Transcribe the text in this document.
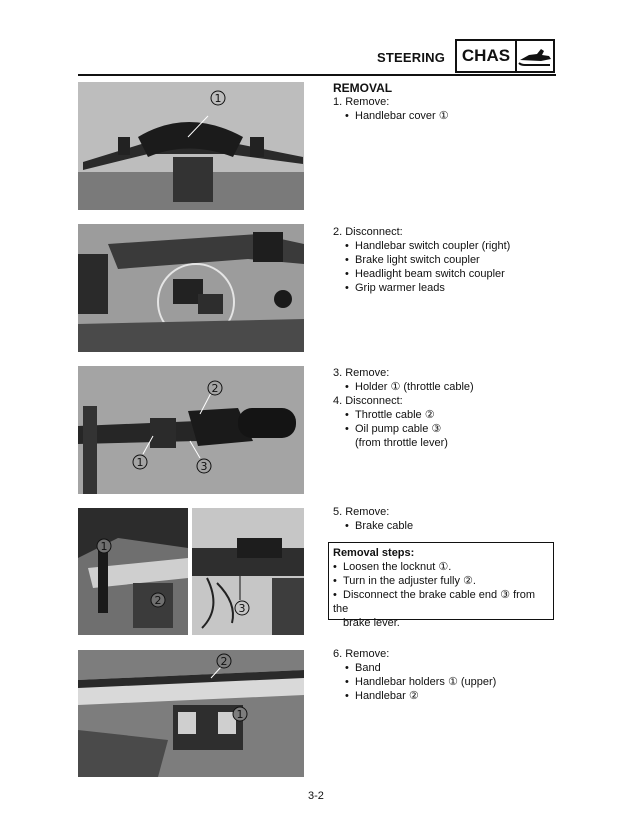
STEERING CHAS
1
2
1	3
1
2
3
2
1
REMOVAL
1. Remove:
• Handlebar cover ①
2. Disconnect:
• Handlebar switch coupler (right)
• Brake light switch coupler
• Headlight beam switch coupler
• Grip warmer leads
3. Remove:
• Holder ① (throttle cable)
4. Disconnect:
• Throttle cable ②
• Oil pump cable ③
(from throttle lever)
5. Remove:
• Brake cable
Removal steps:
• Loosen the locknut ①.
• Turn in the adjuster fully ②.
• Disconnect the brake cable end ③ from the
brake lever.
6. Remove:
• Band
• Handlebar holders ① (upper)
• Handlebar ②
3-2
